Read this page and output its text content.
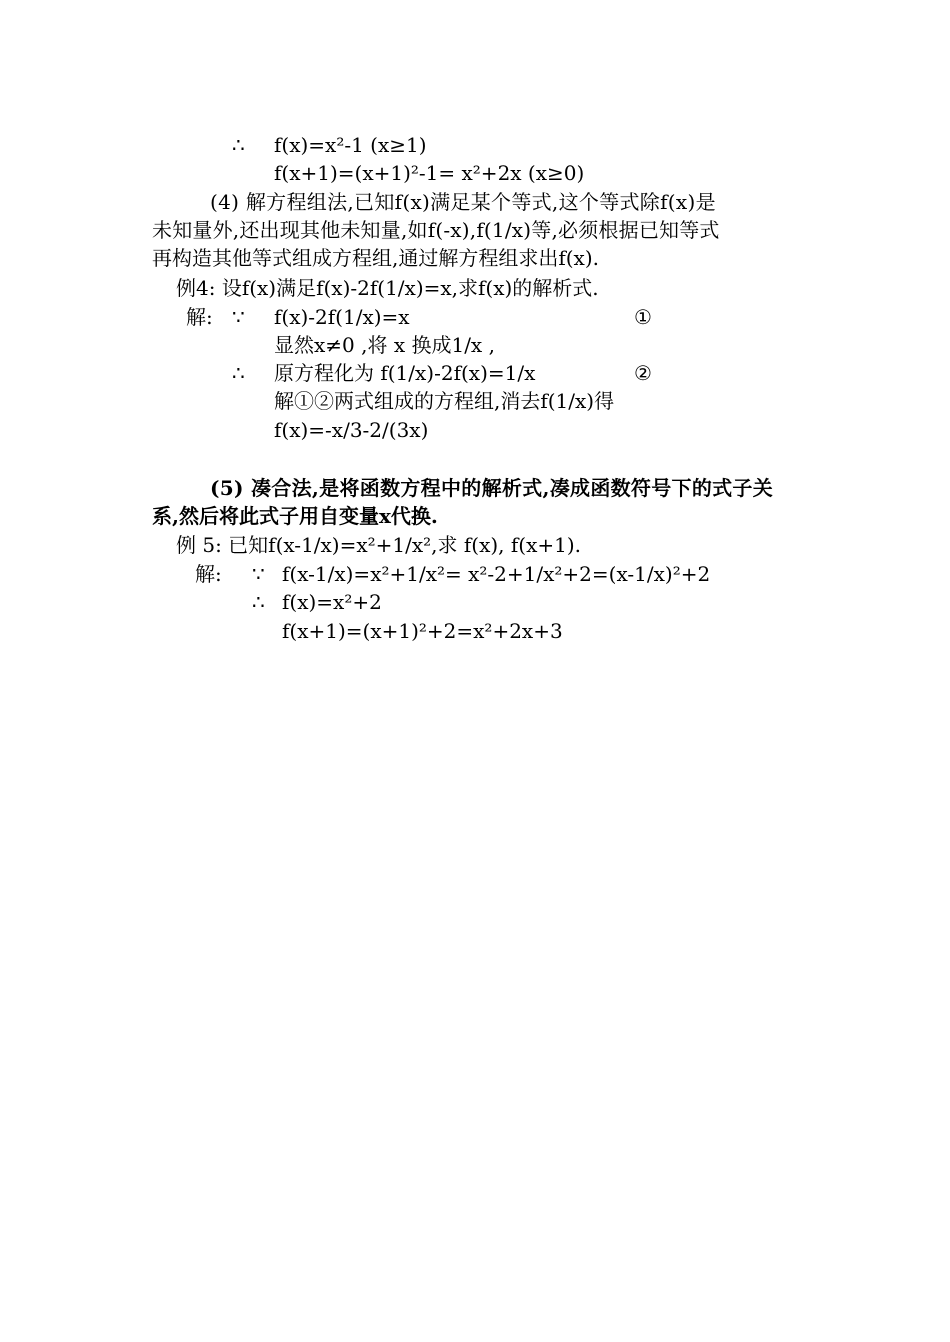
∴ f(x)=x²-1 (x≥1)
f(x+1)=(x+1)²-1= x²+2x (x≥0)
(4) 解方程组法,已知f(x)满足某个等式,这个等式除f(x)是
未知量外,还出现其他未知量,如f(-x),f(1/x)等,必须根据已知等式
再构造其他等式组成方程组,通过解方程组求出f(x).
例4: 设f(x)满足f(x)-2f(1/x)=x,求f(x)的解析式.
解: ∵ f(x)-2f(1/x)=x	①
显然x≠0 ,将 x 换成1/x ,
∴ 原方程化为 f(1/x)-2f(x)=1/x	②
解①②两式组成的方程组,消去f(1/x)得
f(x)=-x/3-2/(3x)
(5) 凑合法,是将函数方程中的解析式,凑成函数符号下的式子关
系,然后将此式子用自变量x代换.
例 5: 已知f(x-1/x)=x²+1/x²,求 f(x), f(x+1).
解: ∵ f(x-1/x)=x²+1/x²= x²-2+1/x²+2=(x-1/x)²+2
∴ f(x)=x²+2
f(x+1)=(x+1)²+2=x²+2x+3
